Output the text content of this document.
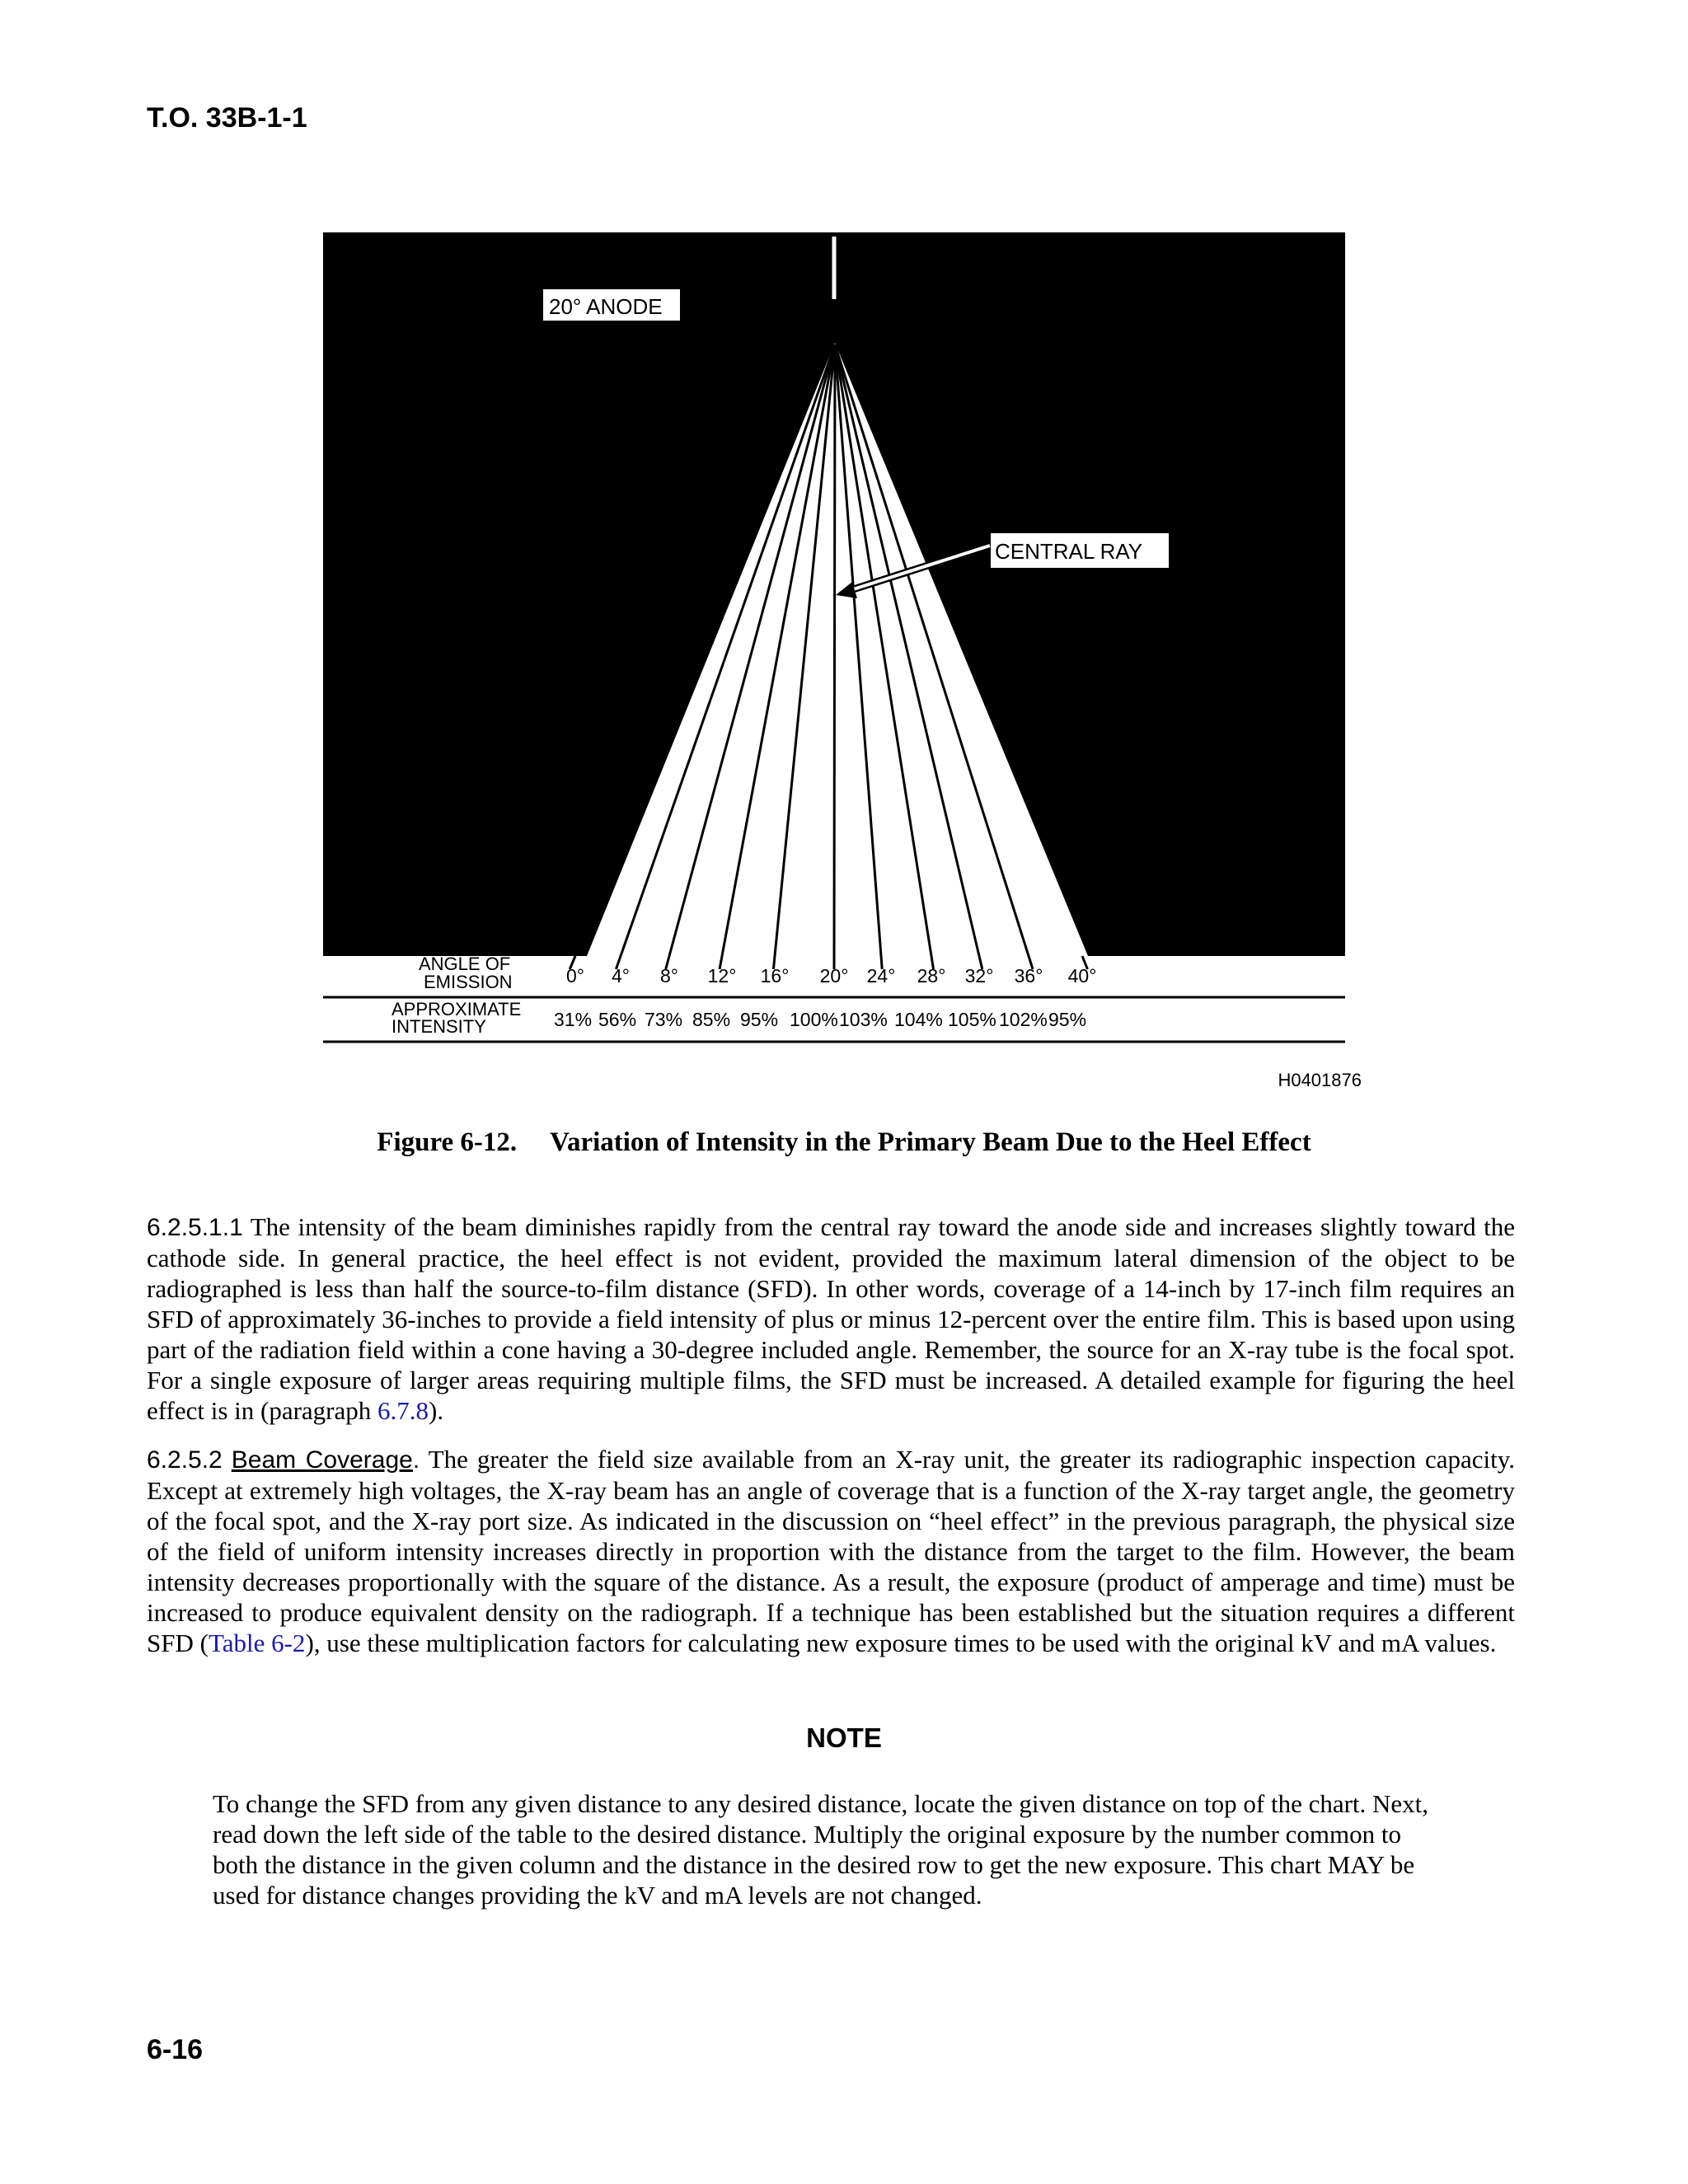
T.O. 33B-1-1
20° ANODE
CENTRAL RAY
ANGLE OF
EMISSION
APPROXIMATE
INTENSITY
0° 4° 8° 12° 16° 20° 24° 28° 32° 36° 40°
31% 56% 73% 85% 95% 100% 103% 104% 105% 102% 95%
H0401876
Figure 6-12. Variation of Intensity in the Primary Beam Due to the Heel Effect
6.2.5.1.1 The intensity of the beam diminishes rapidly from the central ray toward the anode side and increases slightly toward the cathode side. In general practice, the heel effect is not evident, provided the maximum lateral dimension of the object to be radiographed is less than half the source-to-film distance (SFD). In other words, coverage of a 14-inch by 17-inch film requires an SFD of approximately 36-inches to provide a field intensity of plus or minus 12-percent over the entire film. This is based upon using part of the radiation field within a cone having a 30-degree included angle. Remember, the source for an X-ray tube is the focal spot. For a single exposure of larger areas requiring multiple films, the SFD must be increased. A detailed example for figuring the heel effect is in (paragraph 6.7.8).
6.2.5.2 Beam Coverage. The greater the field size available from an X-ray unit, the greater its radiographic inspection capacity. Except at extremely high voltages, the X-ray beam has an angle of coverage that is a function of the X-ray target angle, the geometry of the focal spot, and the X-ray port size. As indicated in the discussion on “heel effect” in the previous paragraph, the physical size of the field of uniform intensity increases directly in proportion with the distance from the target to the film. However, the beam intensity decreases proportionally with the square of the distance. As a result, the exposure (product of amperage and time) must be increased to produce equivalent density on the radiograph. If a technique has been established but the situation requires a different SFD (Table 6-2), use these multiplication factors for calculating new exposure times to be used with the original kV and mA values.
NOTE
To change the SFD from any given distance to any desired distance, locate the given distance on top of the chart. Next, read down the left side of the table to the desired distance. Multiply the original exposure by the number common to both the distance in the given column and the distance in the desired row to get the new exposure. This chart MAY be used for distance changes providing the kV and mA levels are not changed.
6-16
